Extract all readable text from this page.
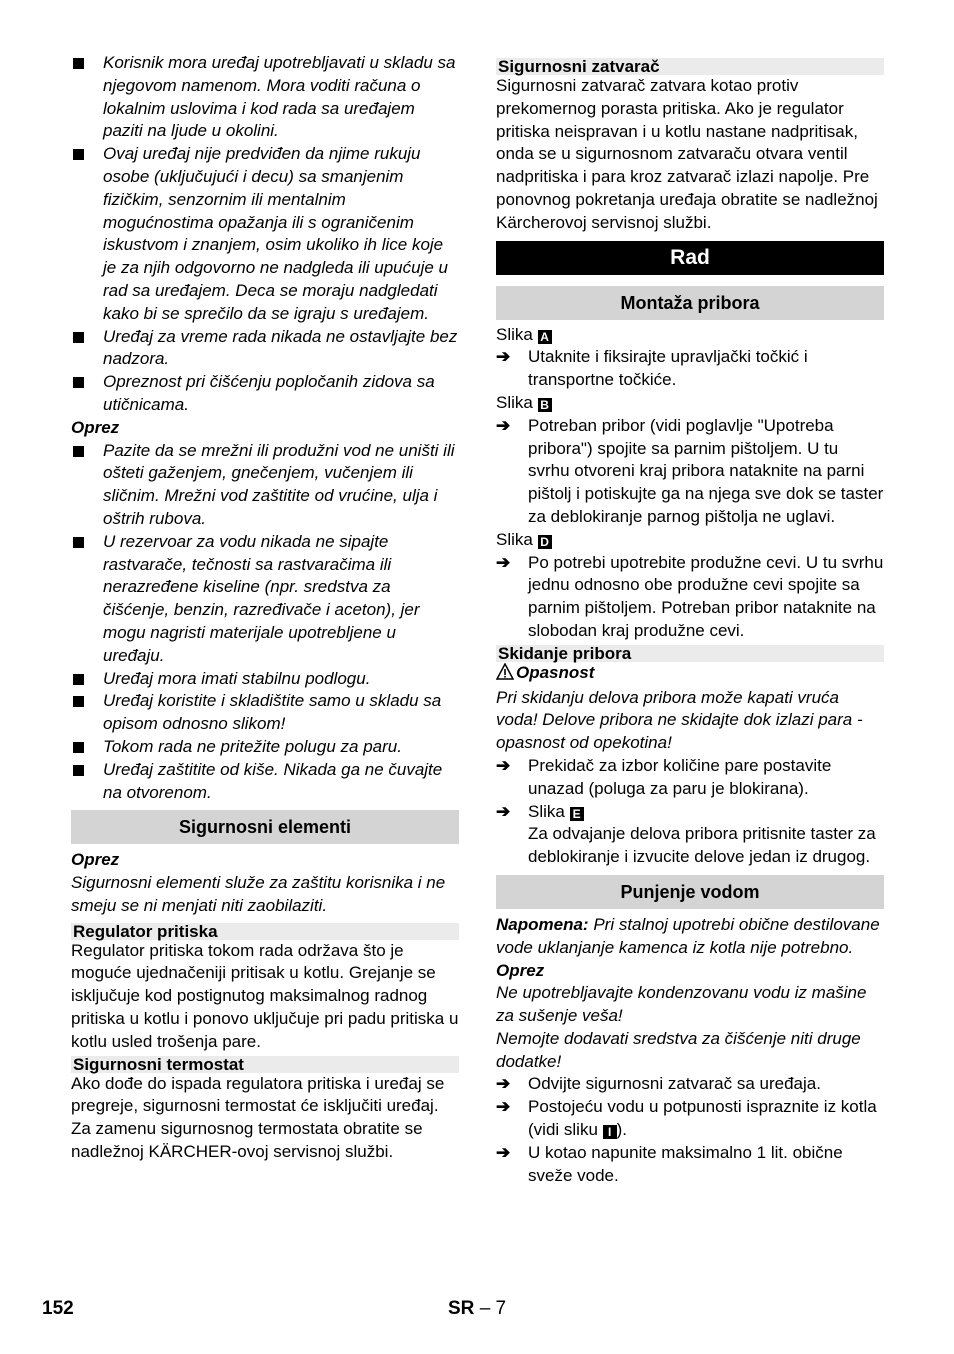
Korisnik mora uređaj upotrebljavati u skladu sa njegovom namenom. Mora voditi računa o lokalnim uslovima i kod rada sa uređajem paziti na ljude u okolini.
Ovaj uređaj nije predviđen da njime rukuju osobe (uključujući i decu) sa smanjenim fizičkim, senzornim ili mentalnim mogućnostima opažanja ili s ograničenim iskustvom i znanjem, osim ukoliko ih lice koje je za njih odgovorno ne nadgleda ili upućuje u rad sa uređajem. Deca se moraju nadgledati kako bi se sprečilo da se igraju s uređajem.
Uređaj za vreme rada nikada ne ostavljajte bez nadzora.
Opreznost pri čišćenju popločanih zidova sa utičnicama.
Oprez
Pazite da se mrežni ili produžni vod ne uništi ili ošteti gaženjem, gnečenjem, vučenjem ili sličnim. Mrežni vod zaštitite od vrućine, ulja i oštrih rubova.
U rezervoar za vodu nikada ne sipajte rastvarače, tečnosti sa rastvaračima ili nerazređene kiseline (npr. sredstva za čišćenje, benzin, razređivače i aceton), jer mogu nagristi materijale upotrebljene u uređaju.
Uređaj mora imati stabilnu podlogu.
Uređaj koristite i skladištite samo u skladu sa opisom odnosno slikom!
Tokom rada ne pritežite polugu za paru.
Uređaj zaštitite od kiše. Nikada ga ne čuvajte na otvorenom.
Sigurnosni elementi
Oprez
Sigurnosni elementi služe za zaštitu korisnika i ne smeju se ni menjati niti zaobilaziti.
Regulator pritiska
Regulator pritiska tokom rada održava što je moguće ujednačeniji pritisak u kotlu. Grejanje se isključuje kod postignutog maksimalnog radnog pritiska u kotlu i ponovo uključuje pri padu pritiska u kotlu usled trošenja pare.
Sigurnosni termostat
Ako dođe do ispada regulatora pritiska i uređaj se pregreje, sigurnosni termostat će isključiti uređaj. Za zamenu sigurnosnog termostata obratite se nadležnoj KÄRCHER-ovoj servisnoj službi.
Sigurnosni zatvarač
Sigurnosni zatvarač zatvara kotao protiv prekomernog porasta pritiska. Ako je regulator pritiska neispravan i u kotlu nastane nadpritisak, onda se u sigurnosnom zatvaraču otvara ventil nadpritiska i para kroz zatvarač izlazi napolje. Pre ponovnog pokretanja uređaja obratite se nadležnoj Kärcherovoj servisnoj službi.
Rad
Montaža pribora
Slika A
➔ Utaknite i fiksirajte upravljački točkić i transportne točkiće.
Slika B
➔ Potreban pribor (vidi poglavlje "Upotreba pribora") spojite sa parnim pištoljem. U tu svrhu otvoreni kraj pribora nataknite na parni pištolj i potiskujte ga na njega sve dok se taster za deblokiranje parnog pištolja ne uglavi.
Slika D
➔ Po potrebi upotrebite produžne cevi. U tu svrhu jednu odnosno obe produžne cevi spojite sa parnim pištoljem. Potreban pribor nataknite na slobodan kraj produžne cevi.
Skidanje pribora
Opasnost
Pri skidanju delova pribora može kapati vruća voda! Delove pribora ne skidajte dok izlazi para - opasnost od opekotina!
➔ Prekidač za izbor količine pare postavite unazad (poluga za paru je blokirana).
➔ Slika E
Za odvajanje delova pribora pritisnite taster za deblokiranje i izvucite delove jedan iz drugog.
Punjenje vodom
Napomena: Pri stalnoj upotrebi obične destilovane vode uklanjanje kamenca iz kotla nije potrebno.
Oprez
Ne upotrebljavajte kondenzovanu vodu iz mašine za sušenje veša!
Nemojte dodavati sredstva za čišćenje niti druge dodatke!
➔ Odvijte sigurnosni zatvarač sa uređaja.
➔ Postojeću vodu u potpunosti ispraznite iz kotla (vidi sliku I ).
➔ U kotao napunite maksimalno 1 lit. obične sveže vode.
152	SR – 7
